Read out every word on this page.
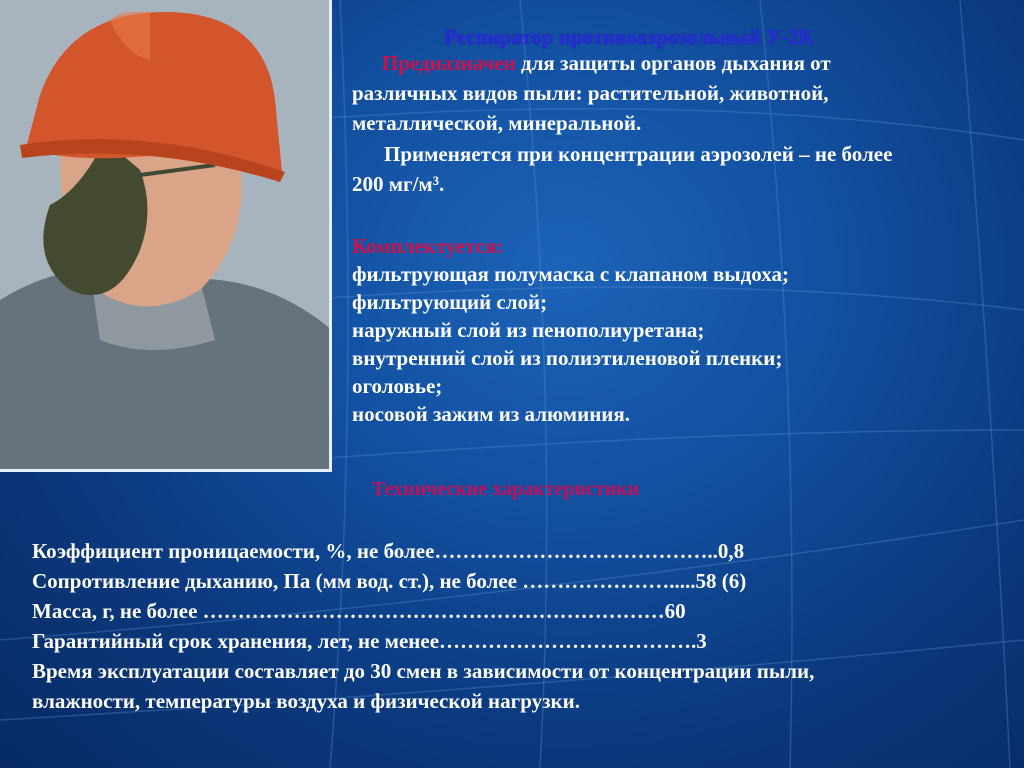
Респиратор противоаэрозольный У-2К
Предназначен для защиты органов дыхания от
различных видов пыли: растительной, животной,
металлической, минеральной.
Применяется при концентрации аэрозолей – не более
200 мг/м³.
Комплектуется:
фильтрующая полумаска с клапаном выдоха;
фильтрующий слой;
наружный слой из пенополиуретана;
внутренний слой из полиэтиленовой пленки;
оголовье;
носовой зажим из алюминия.
Технические характеристики
Коэффициент проницаемости, %, не более…………………………………..0,8
Сопротивление дыханию, Па (мм вод. ст.), не более ………………….....58 (6)
Масса, г, не более …………………………………………………………60
Гарантийный срок хранения, лет, не менее……………………………….3
Время эксплуатации составляет до 30 смен в зависимости от концентрации пыли,
влажности, температуры воздуха и физической нагрузки.
